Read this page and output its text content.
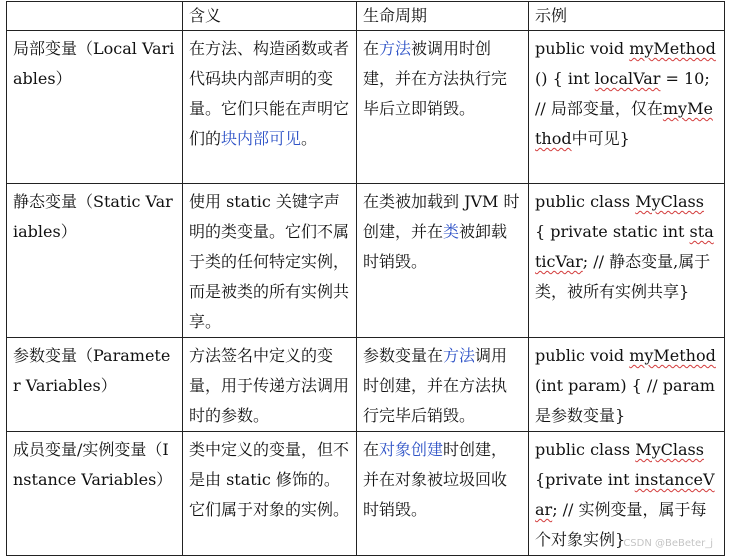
	含义	生命周期	示例
局部变量（Local Variables）	在方法、构造函数或者代码块内部声明的变量。它们只能在声明它们的块内部可见。	在方法被调用时创建，并在方法执行完毕后立即销毁。	public void myMethod() { int localVar = 10; // 局部变量，仅在myMethod中可见}
静态变量（Static Variables）	使用 static 关键字声明的类变量。它们不属于类的任何特定实例，而是被类的所有实例共享。	在类被加载到 JVM 时创建，并在类被卸载时销毁。	public class MyClass { private static int staticVar; // 静态变量,属于类，被所有实例共享}
参数变量（Parameter Variables）	方法签名中定义的变量，用于传递方法调用时的参数。	参数变量在方法调用时创建，并在方法执行完毕后销毁。	public void myMethod (int param) { // param 是参数变量}
成员变量/实例变量（Instance Variables）	类中定义的变量，但不是由 static 修饰的。它们属于对象的实例。	在对象创建时创建，并在对象被垃圾回收时销毁。	public class MyClass {private int instanceVar; // 实例变量，属于每个对象实例}
CSDN @BeBeter_j
